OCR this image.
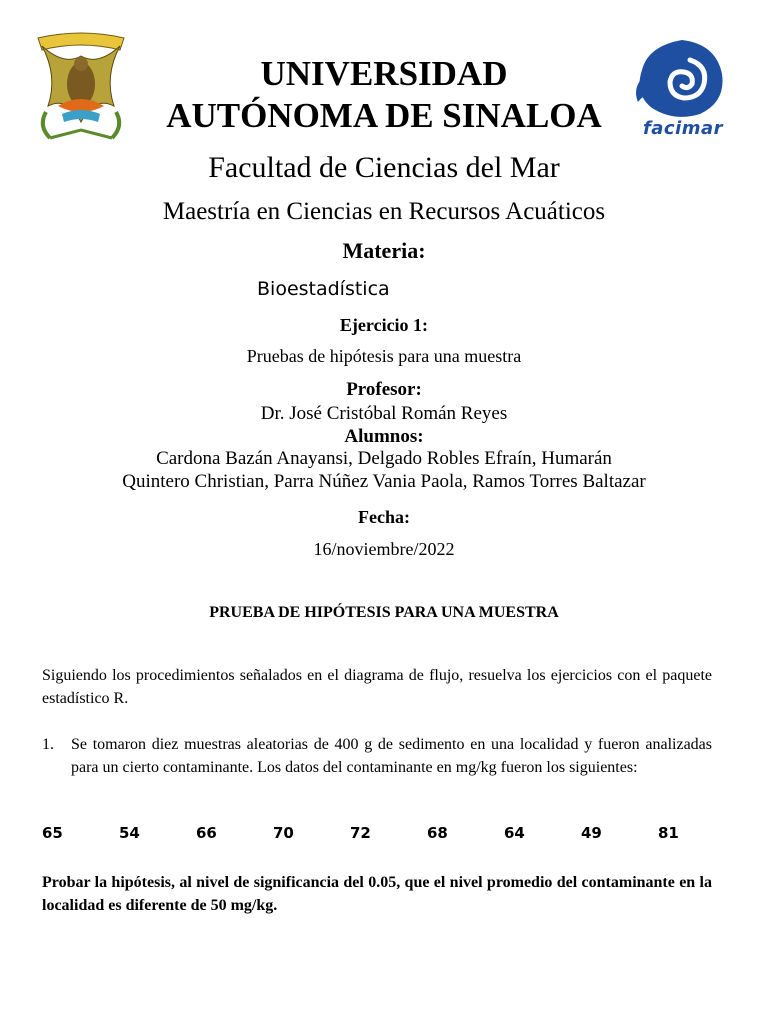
facimar
UNIVERSIDAD
AUTÓNOMA DE SINALOA
Facultad de Ciencias del Mar
Maestría en Ciencias en Recursos Acuáticos
Materia:
Bioestadística
Ejercicio 1:
Pruebas de hipótesis para una muestra
Profesor:
Dr. José Cristóbal Román Reyes
Alumnos:
Cardona Bazán Anayansi, Delgado Robles Efraín, Humarán
Quintero Christian, Parra Núñez Vania Paola, Ramos Torres Baltazar
Fecha:
16/noviembre/2022
PRUEBA DE HIPÓTESIS PARA UNA MUESTRA

Siguiendo los procedimientos señalados en el diagrama de flujo, resuelva los ejercicios con el paquete estadístico R.

1. Se tomaron diez muestras aleatorias de 400 g de sedimento en una localidad y fueron analizadas para un cierto contaminante. Los datos del contaminante en mg/kg fueron los siguientes:

65	54	66	70	72	68	64	49	81

Probar la hipótesis, al nivel de significancia del 0.05, que el nivel promedio del contaminante en la localidad es diferente de 50 mg/kg.
